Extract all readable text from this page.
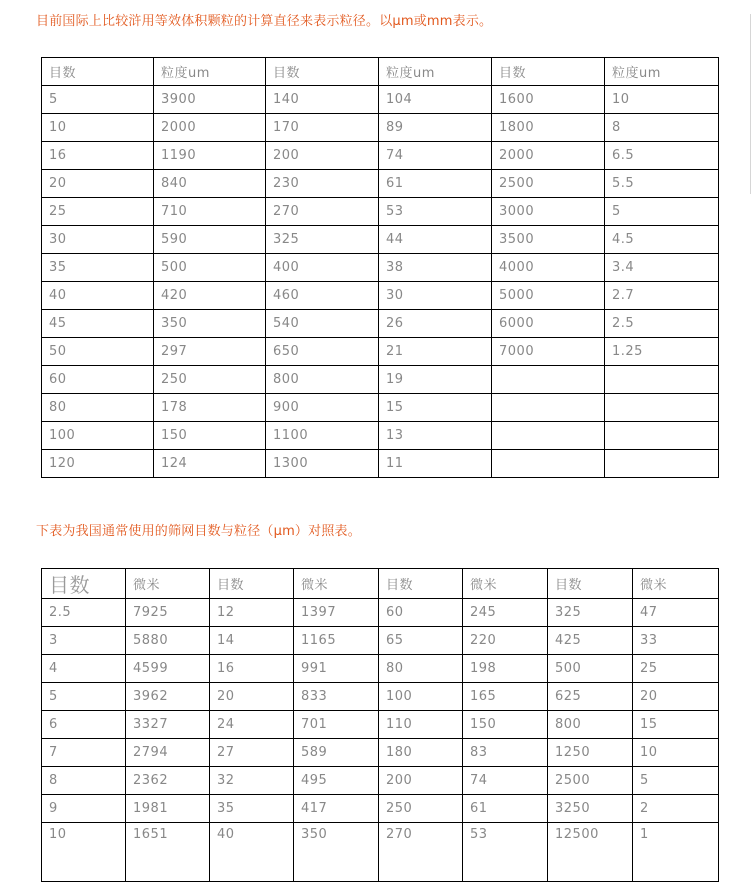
目前国际上比较浒用等效体积颗粒的计算直径来表示粒径。以μm或mm表示。
目数	粒度um	目数	粒度um	目数	粒度um
5	3900	140	104	1600	10
10	2000	170	89	1800	8
16	1190	200	74	2000	6.5
20	840	230	61	2500	5.5
25	710	270	53	3000	5
30	590	325	44	3500	4.5
35	500	400	38	4000	3.4
40	420	460	30	5000	2.7
45	350	540	26	6000	2.5
50	297	650	21	7000	1.25
60	250	800	19		
80	178	900	15		
100	150	1100	13		
120	124	1300	11		
下表为我国通常使用的筛网目数与粒径（μm）对照表。
目数	微米	目数	微米	目数	微米	目数	微米
2.5	7925	12	1397	60	245	325	47
3	5880	14	1165	65	220	425	33
4	4599	16	991	80	198	500	25
5	3962	20	833	100	165	625	20
6	3327	24	701	110	150	800	15
7	2794	27	589	180	83	1250	10
8	2362	32	495	200	74	2500	5
9	1981	35	417	250	61	3250	2
10	1651	40	350	270	53	12500	1
